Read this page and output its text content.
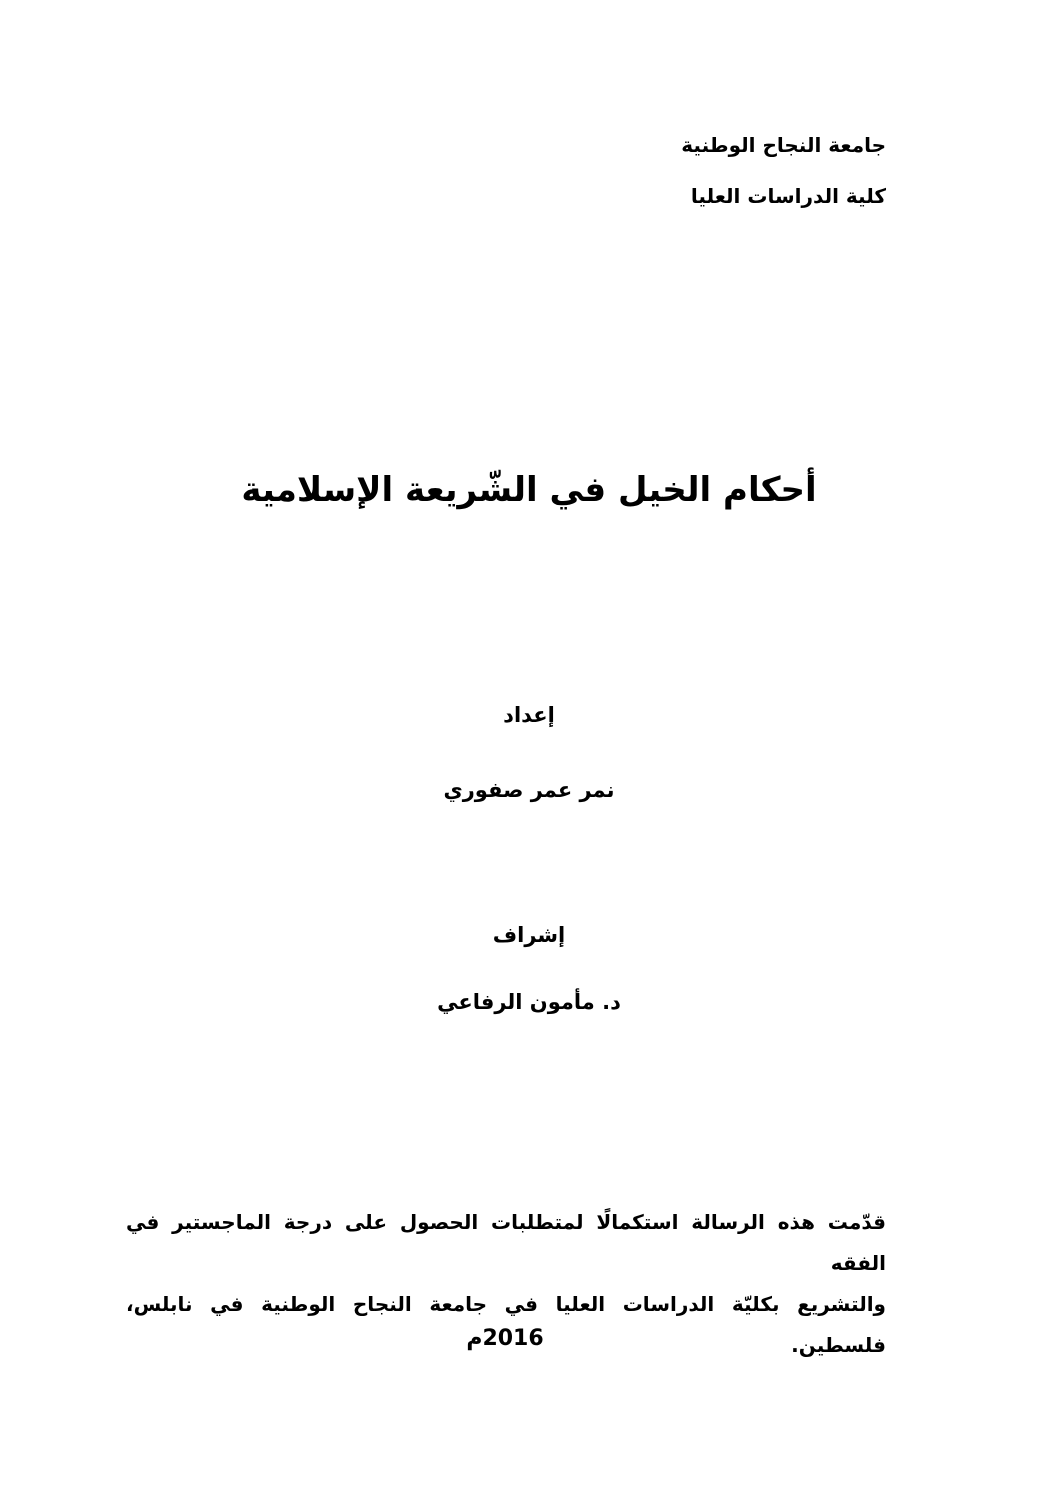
جامعة النجاح الوطنية
كلية الدراسات العليا
أحكام الخيل في الشّريعة الإسلامية
إعداد
نمر عمر صفوري
إشراف
د. مأمون الرفاعي
قدّمت هذه الرسالة استكمالًا لمتطلبات الحصول على درجة الماجستير في الفقه
والتشريع بكليّة الدراسات العليا في جامعة النجاح الوطنية في نابلس، فلسطين.
2016م
